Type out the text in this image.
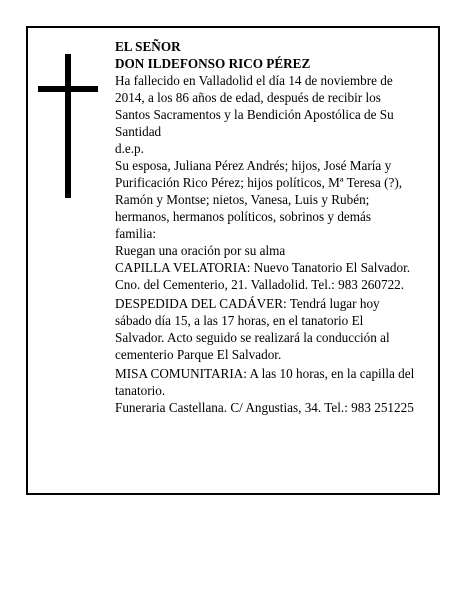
EL SEÑOR

DON ILDEFONSO RICO PÉREZ

Ha fallecido en Valladolid el día 14 de noviembre de 2014, a los 86 años de edad, después de recibir los Santos Sacramentos y la Bendición Apostólica de Su Santidad

d.e.p.

Su esposa, Juliana Pérez Andrés; hijos, José María y Purificación Rico Pérez; hijos políticos, Mª Teresa (?), Ramón y Montse; nietos, Vanesa, Luis y Rubén; hermanos, hermanos políticos, sobrinos y demás familia:

Ruegan una oración por su alma

CAPILLA VELATORIA: Nuevo Tanatorio El Salvador. Cno. del Cementerio, 21. Valladolid. Tel.: 983 260722.

DESPEDIDA DEL CADÁVER: Tendrá lugar hoy sábado día 15, a las 17 horas, en el tanatorio El Salvador. Acto seguido se realizará la conducción al cementerio Parque El Salvador.

MISA COMUNITARIA: A las 10 horas, en la capilla del tanatorio.

Funeraria Castellana. C/ Angustias, 34. Tel.: 983 251225
